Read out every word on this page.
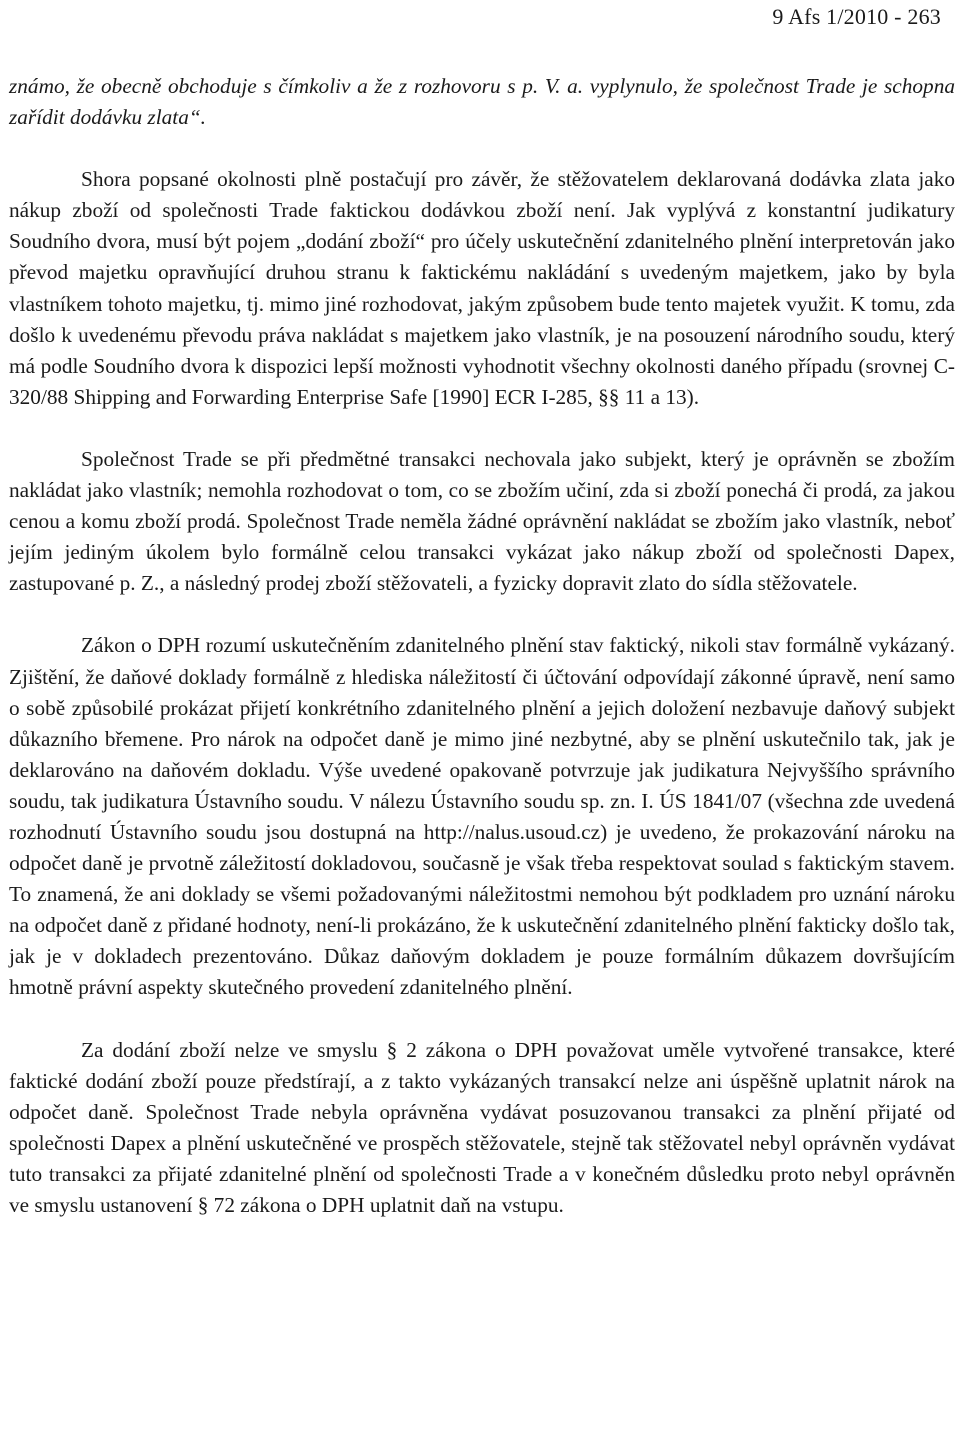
9 Afs 1/2010 - 263

známo, že obecně obchoduje s čímkoliv a že z rozhovoru s p. V. a. vyplynulo, že společnost Trade je schopna zařídit dodávku zlata“.

Shora popsané okolnosti plně postačují pro závěr, že stěžovatelem deklarovaná dodávka zlata jako nákup zboží od společnosti Trade faktickou dodávkou zboží není. Jak vyplývá z konstantní judikatury Soudního dvora, musí být pojem „dodání zboží“ pro účely uskutečnění zdanitelného plnění interpretován jako převod majetku opravňující druhou stranu k faktickému nakládání s uvedeným majetkem, jako by byla vlastníkem tohoto majetku, tj. mimo jiné rozhodovat, jakým způsobem bude tento majetek využit. K tomu, zda došlo k uvedenému převodu práva nakládat s majetkem jako vlastník, je na posouzení národního soudu, který má podle Soudního dvora k dispozici lepší možnosti vyhodnotit všechny okolnosti daného případu (srovnej C-320/88 Shipping and Forwarding Enterprise Safe [1990] ECR I-285, §§ 11 a 13).

Společnost Trade se při předmětné transakci nechovala jako subjekt, který je oprávněn se zbožím nakládat jako vlastník; nemohla rozhodovat o tom, co se zbožím učiní, zda si zboží ponechá či prodá, za jakou cenou a komu zboží prodá. Společnost Trade neměla žádné oprávnění nakládat se zbožím jako vlastník, neboť jejím jediným úkolem bylo formálně celou transakci vykázat jako nákup zboží od společnosti Dapex, zastupované p. Z., a následný prodej zboží stěžovateli, a fyzicky dopravit zlato do sídla stěžovatele.

Zákon o DPH rozumí uskutečněním zdanitelného plnění stav faktický, nikoli stav formálně vykázaný. Zjištění, že daňové doklady formálně z hlediska náležitostí či účtování odpovídají zákonné úpravě, není samo o sobě způsobilé prokázat přijetí konkrétního zdanitelného plnění a jejich doložení nezbavuje daňový subjekt důkazního břemene. Pro nárok na odpočet daně je mimo jiné nezbytné, aby se plnění uskutečnilo tak, jak je deklarováno na daňovém dokladu. Výše uvedené opakovaně potvrzuje jak judikatura Nejvyššího správního soudu, tak judikatura Ústavního soudu. V nálezu Ústavního soudu sp. zn. I. ÚS 1841/07 (všechna zde uvedená rozhodnutí Ústavního soudu jsou dostupná na http://nalus.usoud.cz) je uvedeno, že prokazování nároku na odpočet daně je prvotně záležitostí dokladovou, současně je však třeba respektovat soulad s faktickým stavem. To znamená, že ani doklady se všemi požadovanými náležitostmi nemohou být podkladem pro uznání nároku na odpočet daně z přidané hodnoty, není-li prokázáno, že k uskutečnění zdanitelného plnění fakticky došlo tak, jak je v dokladech prezentováno. Důkaz daňovým dokladem je pouze formálním důkazem dovršujícím hmotně právní aspekty skutečného provedení zdanitelného plnění.

Za dodání zboží nelze ve smyslu § 2 zákona o DPH považovat uměle vytvořené transakce, které faktické dodání zboží pouze předstírají, a z takto vykázaných transakcí nelze ani úspěšně uplatnit nárok na odpočet daně. Společnost Trade nebyla oprávněna vydávat posuzovanou transakci za plnění přijaté od společnosti Dapex a plnění uskutečněné ve prospěch stěžovatele, stejně tak stěžovatel nebyl oprávněn vydávat tuto transakci za přijaté zdanitelné plnění od společnosti Trade a v konečném důsledku proto nebyl oprávněn ve smyslu ustanovení § 72 zákona o DPH uplatnit daň na vstupu.
